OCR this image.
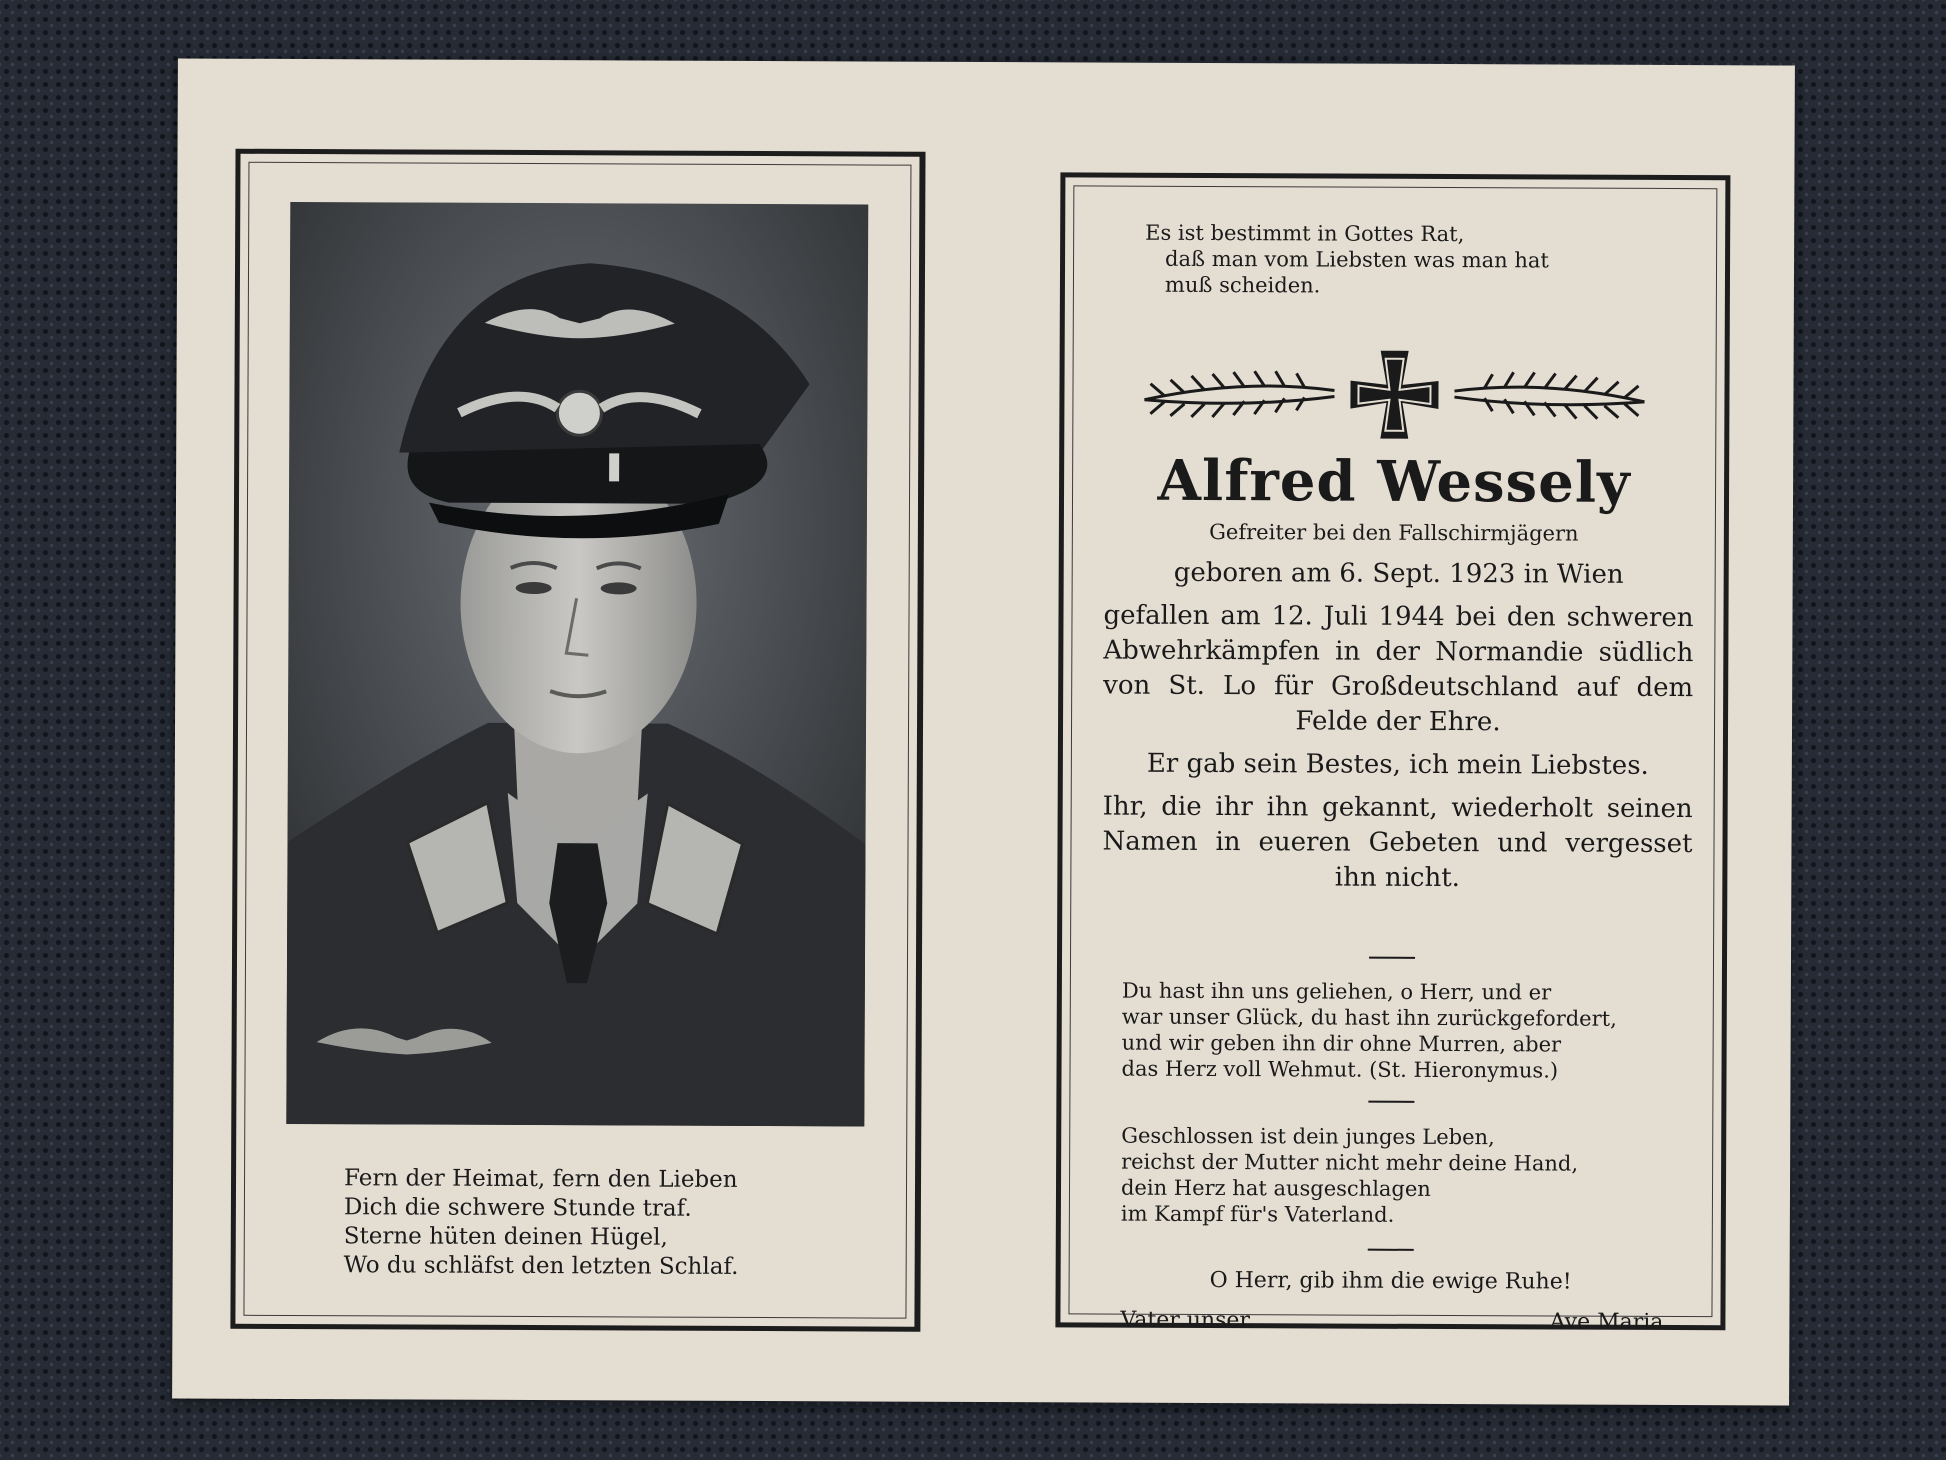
Fern der Heimat, fern den Lieben
Dich die schwere Stunde traf.
Sterne hüten deinen Hügel,
Wo du schläfst den letzten Schlaf.
Es ist bestimmt in Gottes Rat,
daß man vom Liebsten was man hat
muß scheiden.
Alfred Wessely
Gefreiter bei den Fallschirmjägern

geboren am 6. Sept. 1923 in Wien

gefallen am 12. Juli 1944 bei den schweren Abwehrkämpfen in der Normandie südlich von St. Lo für Großdeutschland auf dem Felde der Ehre.

Er gab sein Bestes, ich mein Liebstes.

Ihr, die ihr ihn gekannt, wiederholt seinen Namen in eueren Gebeten und vergesset ihn nicht.

Du hast ihn uns geliehen, o Herr, und er
war unser Glück, du hast ihn zurückgefordert,
und wir geben ihn dir ohne Murren, aber
das Herz voll Wehmut. (St. Hieronymus.)
Geschlossen ist dein junges Leben,
reichst der Mutter nicht mehr deine Hand,
dein Herz hat ausgeschlagen
im Kampf für's Vaterland.
O Herr, gib ihm die ewige Ruhe!
Vater unser.	Ave Maria.
